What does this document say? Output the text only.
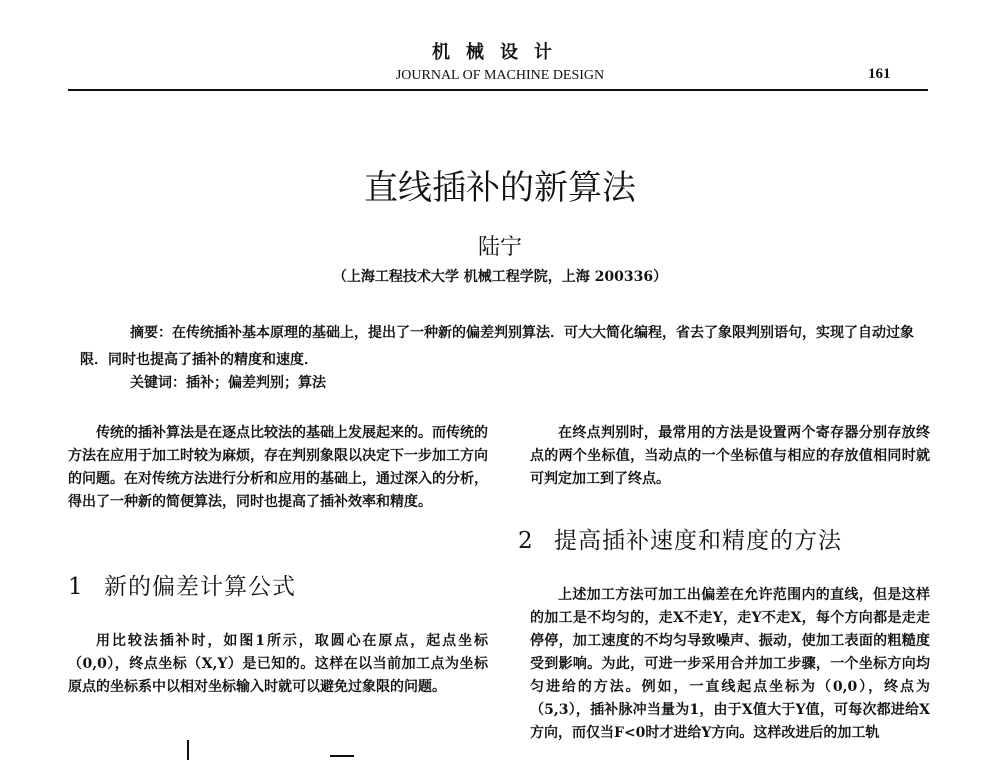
机械设计
JOURNAL OF MACHINE DESIGN	161
直线插补的新算法
陆宁
（上海工程技术大学 机械工程学院，上海 200336）
摘要：在传统插补基本原理的基础上，提出了一种新的偏差判别算法．可大大简化编程，省去了象限判别语句，实现了自动过象限．同时也提高了插补的精度和速度．
关键词：插补；偏差判别；算法
传统的插补算法是在逐点比较法的基础上发展起来的。而传统的方法在应用于加工时较为麻烦，存在判别象限以决定下一步加工方向的问题。在对传统方法进行分析和应用的基础上，通过深入的分析，得出了一种新的简便算法，同时也提高了插补效率和精度。
1 新的偏差计算公式
用比较法插补时，如图1所示，取圆心在原点，起点坐标（0,0），终点坐标（X,Y）是已知的。这样在以当前加工点为坐标原点的坐标系中以相对坐标输入时就可以避免过象限的问题。
在终点判别时，最常用的方法是设置两个寄存器分别存放终点的两个坐标值，当动点的一个坐标值与相应的存放值相同时就可判定加工到了终点。
2 提高插补速度和精度的方法
上述加工方法可加工出偏差在允许范围内的直线，但是这样的加工是不均匀的，走X不走Y，走Y不走X，每个方向都是走走停停，加工速度的不均匀导致噪声、振动，使加工表面的粗糙度受到影响。为此，可进一步采用合并加工步骤，一个坐标方向均匀进给的方法。例如，一直线起点坐标为（0,0），终点为（5,3），插补脉冲当量为1，由于X值大于Y值，可每次都进给X方向，而仅当F<0时才进给Y方向。这样改进后的加工轨
